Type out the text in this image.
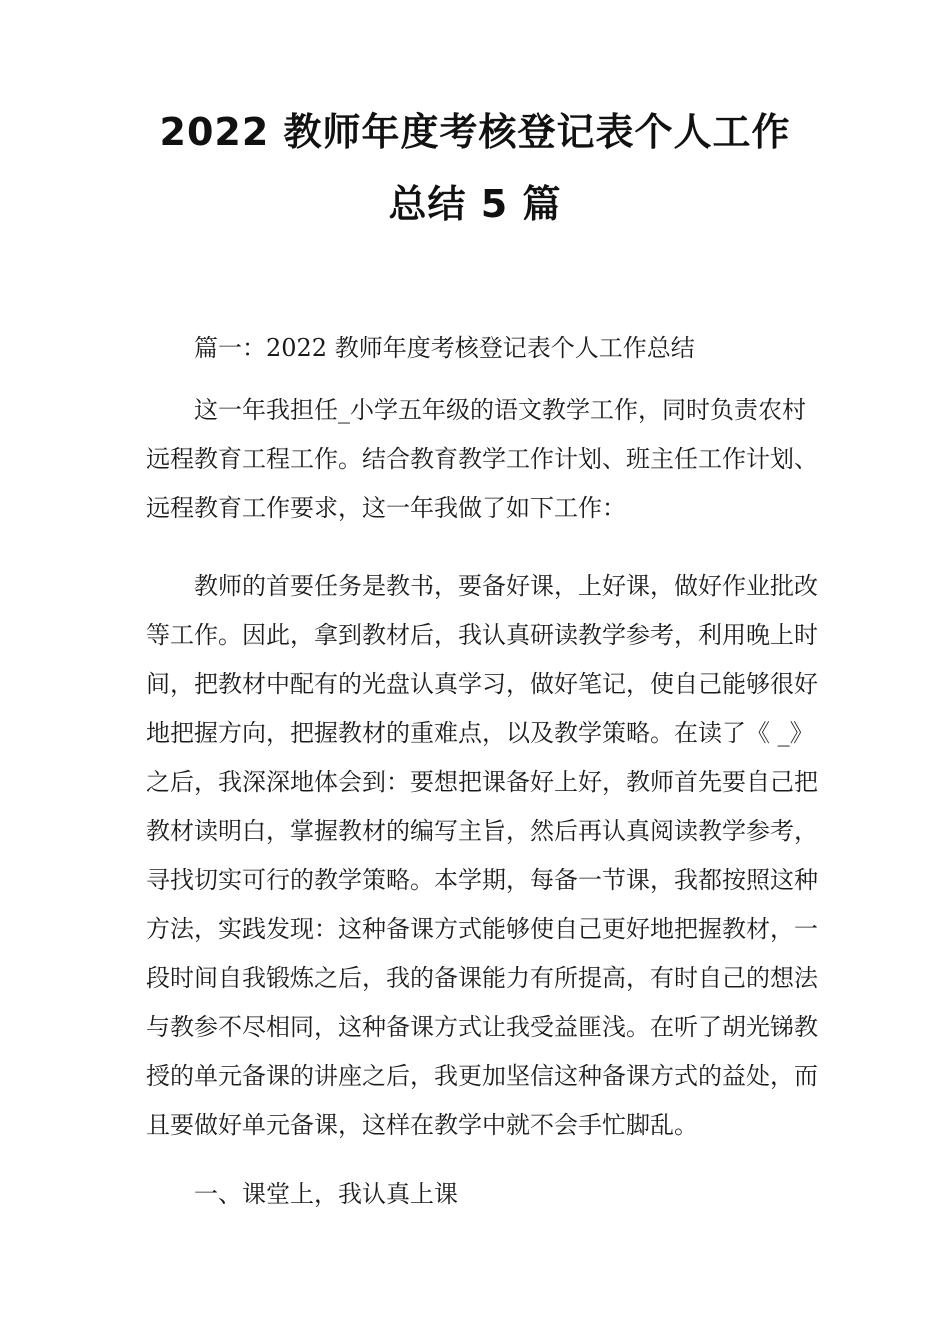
2022 教师年度考核登记表个人工作
总结 5 篇
篇一：2022 教师年度考核登记表个人工作总结
这一年我担任_小学五年级的语文教学工作，同时负责农村
远程教育工程工作。结合教育教学工作计划、班主任工作计划、
远程教育工作要求，这一年我做了如下工作：
教师的首要任务是教书，要备好课，上好课，做好作业批改
等工作。因此，拿到教材后，我认真研读教学参考，利用晚上时
间，把教材中配有的光盘认真学习，做好笔记，使自己能够很好
地把握方向，把握教材的重难点，以及教学策略。在读了《 _》
之后，我深深地体会到：要想把课备好上好，教师首先要自己把
教材读明白，掌握教材的编写主旨，然后再认真阅读教学参考，
寻找切实可行的教学策略。本学期，每备一节课，我都按照这种
方法，实践发现：这种备课方式能够使自己更好地把握教材，一
段时间自我锻炼之后，我的备课能力有所提高，有时自己的想法
与教参不尽相同，这种备课方式让我受益匪浅。在听了胡光锑教
授的单元备课的讲座之后，我更加坚信这种备课方式的益处，而
且要做好单元备课，这样在教学中就不会手忙脚乱。
一、课堂上，我认真上课
